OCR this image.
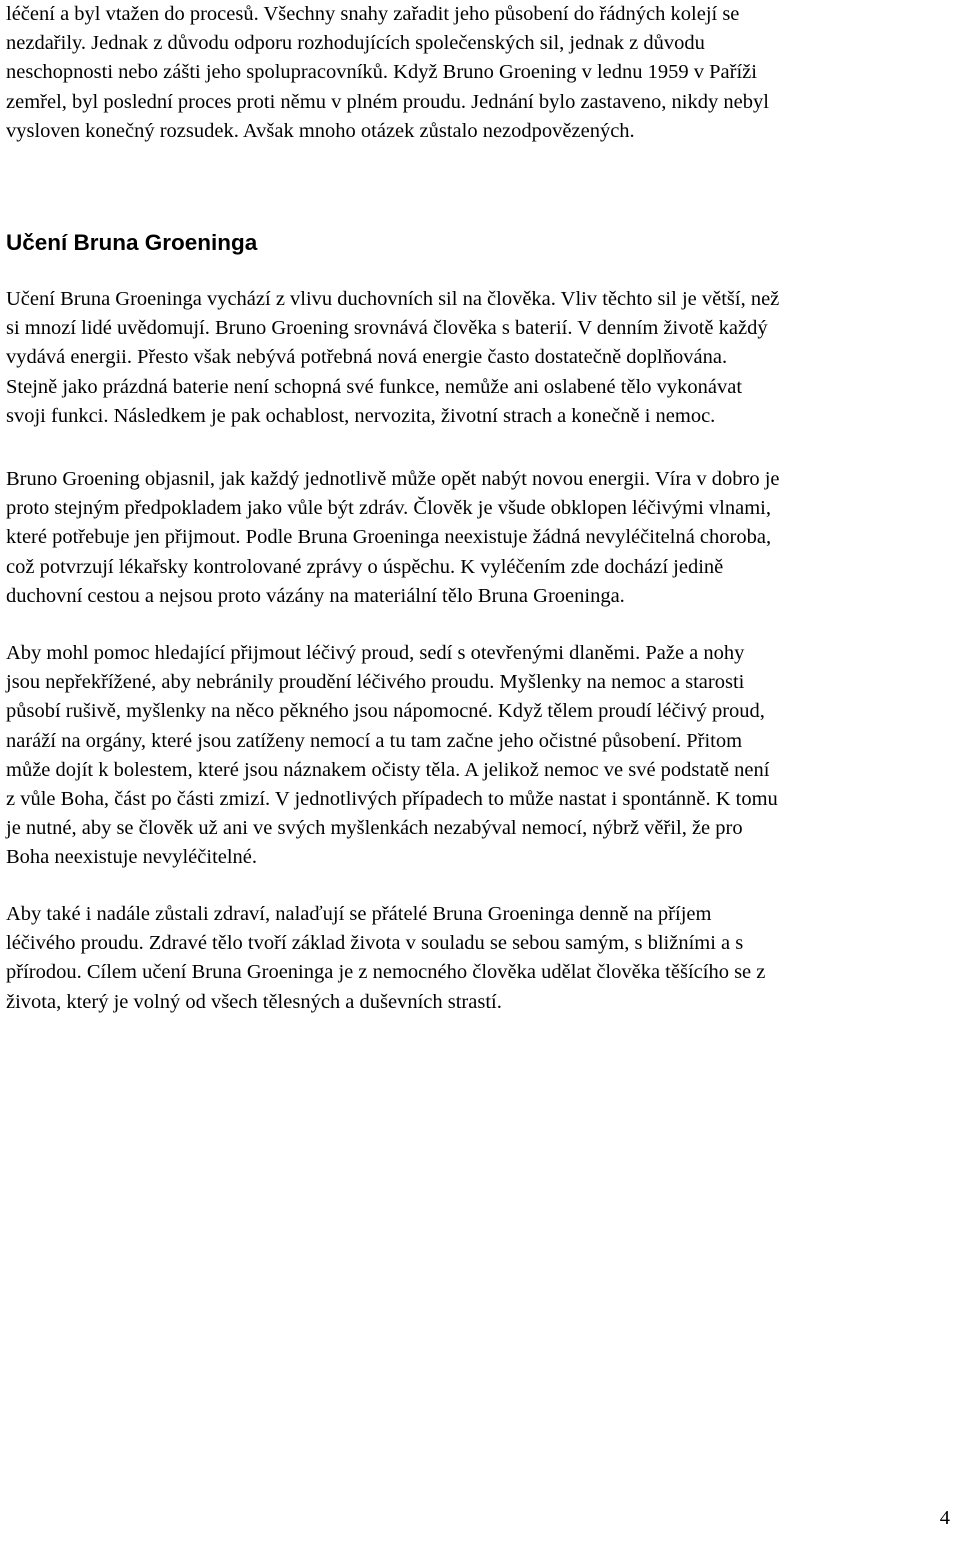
léčení a byl vtažen do procesů. Všechny snahy zařadit jeho působení do řádných kolejí se
nezdařily. Jednak z důvodu odporu rozhodujících společenských sil, jednak z důvodu
neschopnosti nebo zášti jeho spolupracovníků. Když Bruno Groening v lednu 1959 v Paříži
zemřel, byl poslední proces proti němu v plném proudu. Jednání bylo zastaveno, nikdy nebyl
vysloven konečný rozsudek. Avšak mnoho otázek zůstalo nezodpovězených.

Učení Bruna Groeninga

Učení Bruna Groeninga vychází z vlivu duchovních sil na člověka. Vliv těchto sil je větší, než
si mnozí lidé uvědomují. Bruno Groening srovnává člověka s baterií. V denním životě každý
vydává energii. Přesto však nebývá potřebná nová energie často dostatečně doplňována.
Stejně jako prázdná baterie není schopná své funkce, nemůže ani oslabené tělo vykonávat
svoji funkci. Následkem je pak ochablost, nervozita, životní strach a konečně i nemoc.

Bruno Groening objasnil, jak každý jednotlivě může opět nabýt novou energii. Víra v dobro je
proto stejným předpokladem jako vůle být zdráv. Člověk je všude obklopen léčivými vlnami,
které potřebuje jen přijmout. Podle Bruna Groeninga neexistuje žádná nevyléčitelná choroba,
což potvrzují lékařsky kontrolované zprávy o úspěchu. K vyléčením zde dochází jedině
duchovní cestou a nejsou proto vázány na materiální tělo Bruna Groeninga.

Aby mohl pomoc hledající přijmout léčivý proud, sedí s otevřenými dlaněmi. Paže a nohy
jsou nepřekřížené, aby nebránily proudění léčivého proudu. Myšlenky na nemoc a starosti
působí rušivě, myšlenky na něco pěkného jsou nápomocné. Když tělem proudí léčivý proud,
naráží na orgány, které jsou zatíženy nemocí a tu tam začne jeho očistné působení. Přitom
může dojít k bolestem, které jsou náznakem očisty těla. A jelikož nemoc ve své podstatě není
z vůle Boha, část po části zmizí. V jednotlivých případech to může nastat i spontánně. K tomu
je nutné, aby se člověk už ani ve svých myšlenkách nezabýval nemocí, nýbrž věřil, že pro
Boha neexistuje nevyléčitelné.

Aby také i nadále zůstali zdraví, nalaďují se přátelé Bruna Groeninga denně na příjem
léčivého proudu. Zdravé tělo tvoří základ života v souladu se sebou samým, s bližními a s
přírodou. Cílem učení Bruna Groeninga je z nemocného člověka udělat člověka těšícího se z
života, který je volný od všech tělesných a duševních strastí.

4
